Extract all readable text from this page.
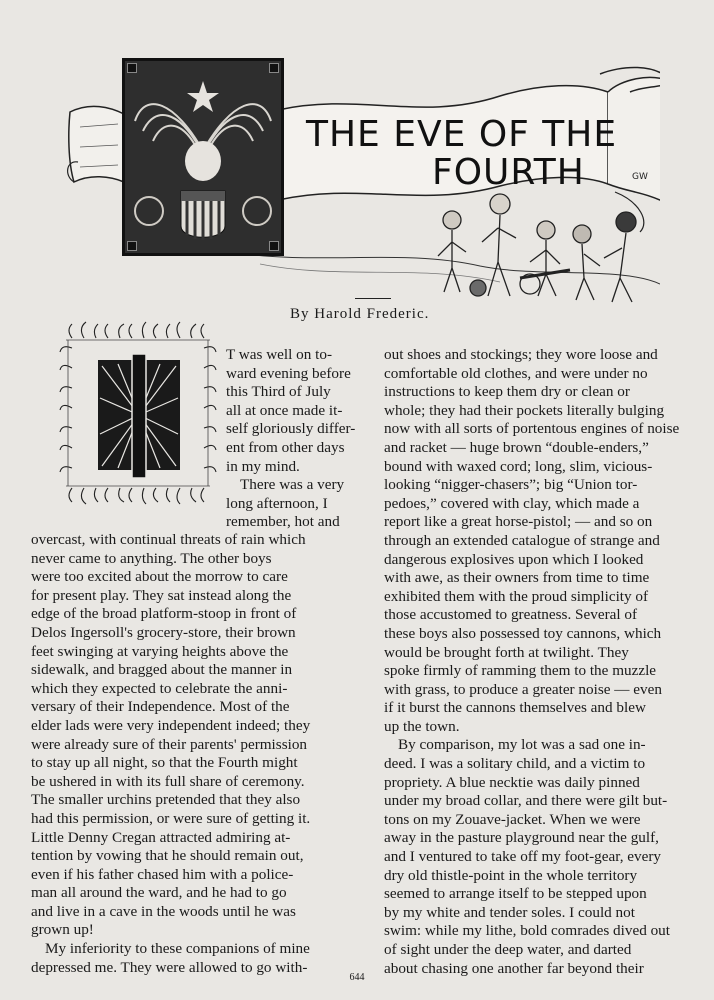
THE EVE OF THE
FOURTH	GW
By Harold Frederic.
T was well on to-
ward evening before
this Third of July
all at once made it-
self gloriously differ-
ent from other days
in my mind.
There was a very
long afternoon, I
remember, hot and
overcast, with continual threats of rain which
never came to anything. The other boys
were too excited about the morrow to care
for present play. They sat instead along the
edge of the broad platform-stoop in front of
Delos Ingersoll's grocery-store, their brown
feet swinging at varying heights above the
sidewalk, and bragged about the manner in
which they expected to celebrate the anni-
versary of their Independence. Most of the
elder lads were very independent indeed; they
were already sure of their parents' permission
to stay up all night, so that the Fourth might
be ushered in with its full share of ceremony.
The smaller urchins pretended that they also
had this permission, or were sure of getting it.
Little Denny Cregan attracted admiring at-
tention by vowing that he should remain out,
even if his father chased him with a police-
man all around the ward, and he had to go
and live in a cave in the woods until he was
grown up!
My inferiority to these companions of mine
depressed me. They were allowed to go with-
out shoes and stockings; they wore loose and
comfortable old clothes, and were under no
instructions to keep them dry or clean or
whole; they had their pockets literally bulging
now with all sorts of portentous engines of noise
and racket — huge brown “double-enders,”
bound with waxed cord; long, slim, vicious-
looking “nigger-chasers”; big “Union tor-
pedoes,” covered with clay, which made a
report like a great horse-pistol; — and so on
through an extended catalogue of strange and
dangerous explosives upon which I looked
with awe, as their owners from time to time
exhibited them with the proud simplicity of
those accustomed to greatness. Several of
these boys also possessed toy cannons, which
would be brought forth at twilight. They
spoke firmly of ramming them to the muzzle
with grass, to produce a greater noise — even
if it burst the cannons themselves and blew
up the town.
By comparison, my lot was a sad one in-
deed. I was a solitary child, and a victim to
propriety. A blue necktie was daily pinned
under my broad collar, and there were gilt but-
tons on my Zouave-jacket. When we were
away in the pasture playground near the gulf,
and I ventured to take off my foot-gear, every
dry old thistle-point in the whole territory
seemed to arrange itself to be stepped upon
by my white and tender soles. I could not
swim: while my lithe, bold comrades dived out
of sight under the deep water, and darted
about chasing one another far beyond their
644
